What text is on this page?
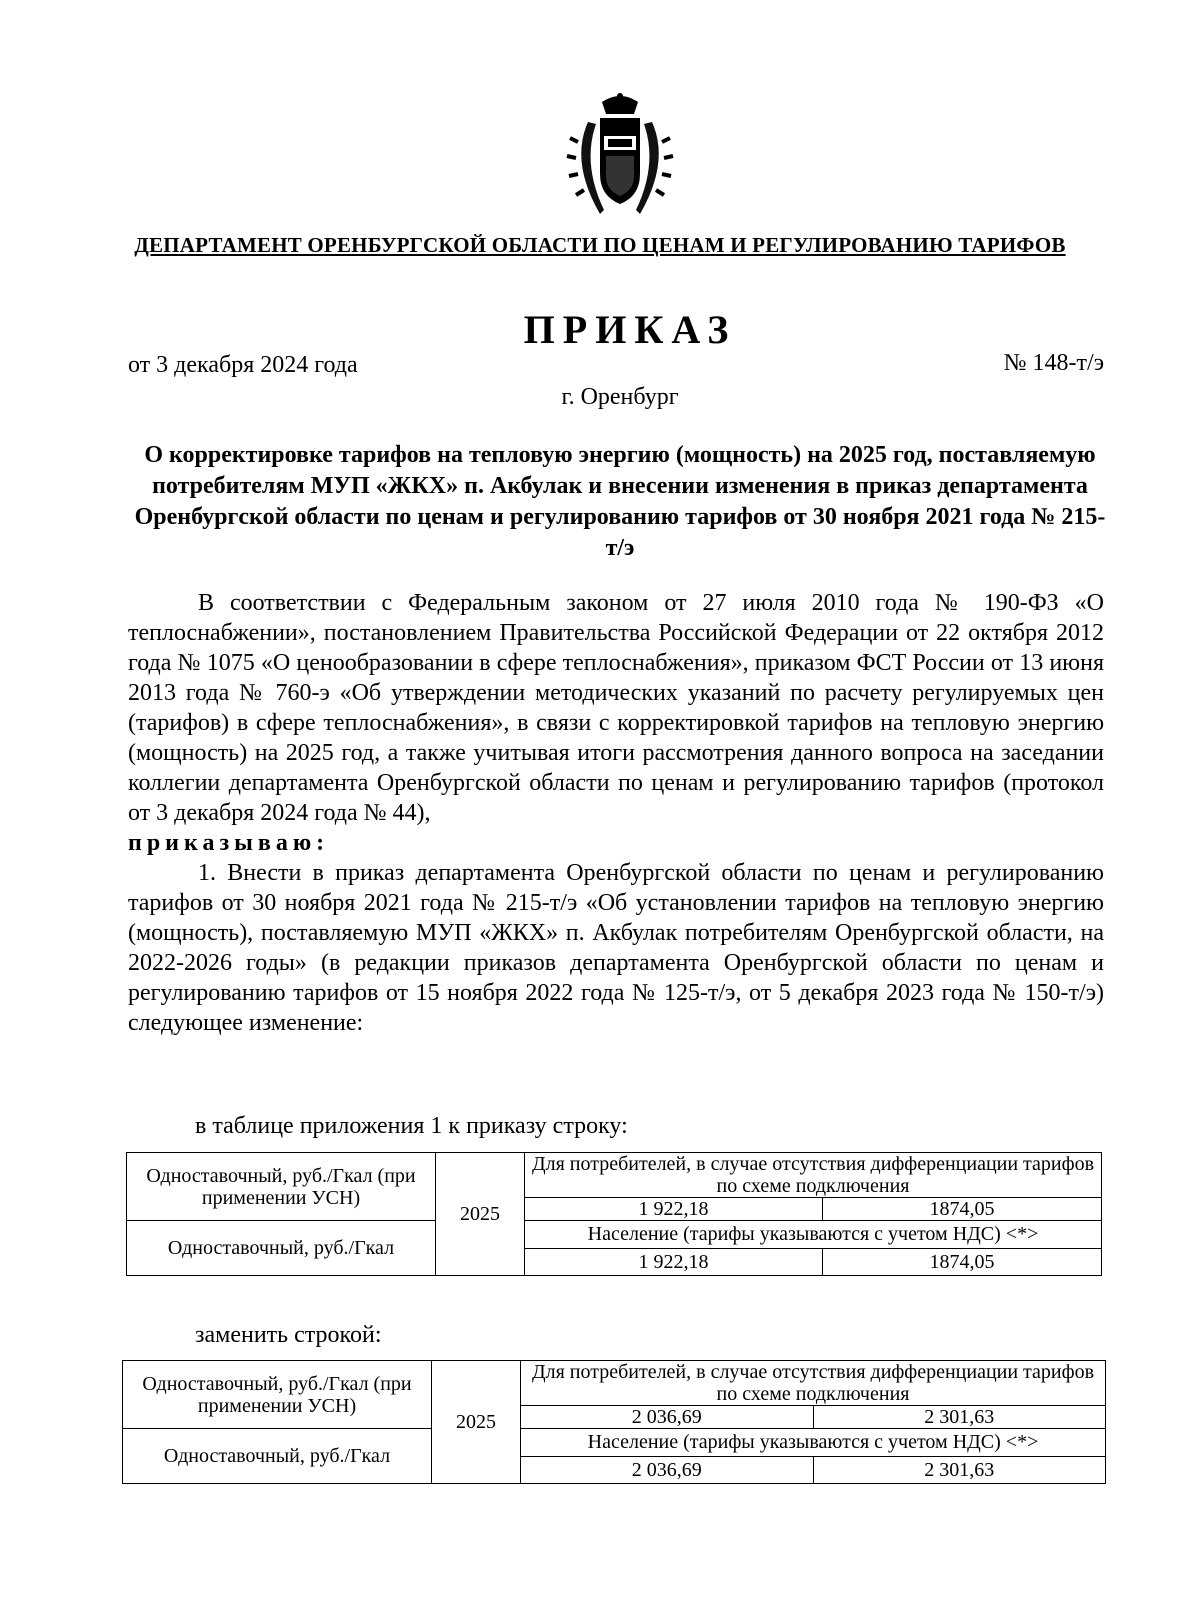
ДЕПАРТАМЕНТ ОРЕНБУРГСКОЙ ОБЛАСТИ ПО ЦЕНАМ И РЕГУЛИРОВАНИЮ ТАРИФОВ
ПРИКАЗ
от 3 декабря 2024 года	№ 148-т/э
г. Оренбург
О корректировке тарифов на тепловую энергию (мощность) на 2025 год, поставляемую потребителям МУП «ЖКХ» п. Акбулак и внесении изменения в приказ департамента Оренбургской области по ценам и регулированию тарифов от 30 ноября 2021 года № 215-т/э

В соответствии с Федеральным законом от 27 июля 2010 года № 190-ФЗ «О теплоснабжении», постановлением Правительства Российской Федерации от 22 октября 2012 года № 1075 «О ценообразовании в сфере теплоснабжения», приказом ФСТ России от 13 июня 2013 года № 760-э «Об утверждении методических указаний по расчету регулируемых цен (тарифов) в сфере теплоснабжения», в связи с корректировкой тарифов на тепловую энергию (мощность) на 2025 год, а также учитывая итоги рассмотрения данного вопроса на заседании коллегии департамента Оренбургской области по ценам и регулированию тарифов (протокол от 3 декабря 2024 года № 44),

приказываю:

1. Внести в приказ департамента Оренбургской области по ценам и регулированию тарифов от 30 ноября 2021 года № 215-т/э «Об установлении тарифов на тепловую энергию (мощность), поставляемую МУП «ЖКХ» п. Акбулак потребителям Оренбургской области, на 2022-2026 годы» (в редакции приказов департамента Оренбургской области по ценам и регулированию тарифов от 15 ноября 2022 года № 125-т/э, от 5 декабря 2023 года № 150-т/э) следующее изменение:

в таблице приложения 1 к приказу строку:
Одноставочный, руб./Гкал (при применении УСН)	2025	Для потребителей, в случае отсутствия дифференциации тарифов по схеме подключения	

		1 922,18	1874,05
Одноставочный, руб./Гкал		Население (тарифы указываются с учетом НДС) <*>	

		1 922,18	1874,05
заменить строкой:
Одноставочный, руб./Гкал (при применении УСН)	2025	Для потребителей, в случае отсутствия дифференциации тарифов по схеме подключения	

		2 036,69	2 301,63
Одноставочный, руб./Гкал		Население (тарифы указываются с учетом НДС) <*>	

		2 036,69	2 301,63
